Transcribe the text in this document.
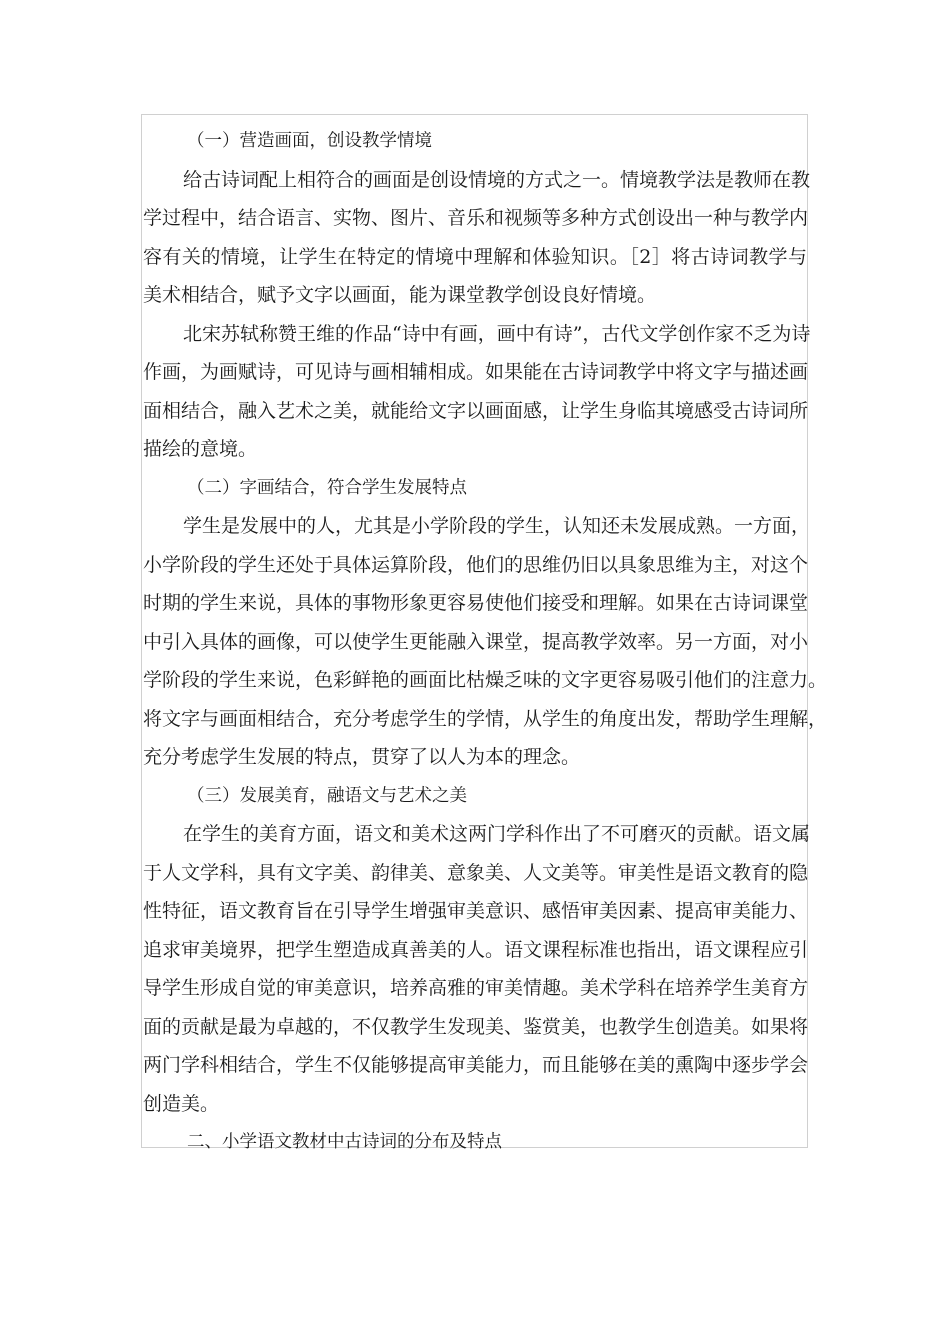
（一）营造画面，创设教学情境
给古诗词配上相符合的画面是创设情境的方式之一。情境教学法是教师在教
学过程中，结合语言、实物、图片、音乐和视频等多种方式创设出一种与教学内
容有关的情境，让学生在特定的情境中理解和体验知识。［2］将古诗词教学与
美术相结合，赋予文字以画面，能为课堂教学创设良好情境。
北宋苏轼称赞王维的作品“诗中有画，画中有诗”，古代文学创作家不乏为诗
作画，为画赋诗，可见诗与画相辅相成。如果能在古诗词教学中将文字与描述画
面相结合，融入艺术之美，就能给文字以画面感，让学生身临其境感受古诗词所
描绘的意境。
（二）字画结合，符合学生发展特点
学生是发展中的人，尤其是小学阶段的学生，认知还未发展成熟。一方面，
小学阶段的学生还处于具体运算阶段，他们的思维仍旧以具象思维为主，对这个
时期的学生来说，具体的事物形象更容易使他们接受和理解。如果在古诗词课堂
中引入具体的画像，可以使学生更能融入课堂，提高教学效率。另一方面，对小
学阶段的学生来说，色彩鲜艳的画面比枯燥乏味的文字更容易吸引他们的注意力。
将文字与画面相结合，充分考虑学生的学情，从学生的角度出发，帮助学生理解，
充分考虑学生发展的特点，贯穿了以人为本的理念。
（三）发展美育，融语文与艺术之美
在学生的美育方面，语文和美术这两门学科作出了不可磨灭的贡献。语文属
于人文学科，具有文字美、韵律美、意象美、人文美等。审美性是语文教育的隐
性特征，语文教育旨在引导学生增强审美意识、感悟审美因素、提高审美能力、
追求审美境界，把学生塑造成真善美的人。语文课程标准也指出，语文课程应引
导学生形成自觉的审美意识，培养高雅的审美情趣。美术学科在培养学生美育方
面的贡献是最为卓越的，不仅教学生发现美、鉴赏美，也教学生创造美。如果将
两门学科相结合，学生不仅能够提高审美能力，而且能够在美的熏陶中逐步学会
创造美。
二、小学语文教材中古诗词的分布及特点
